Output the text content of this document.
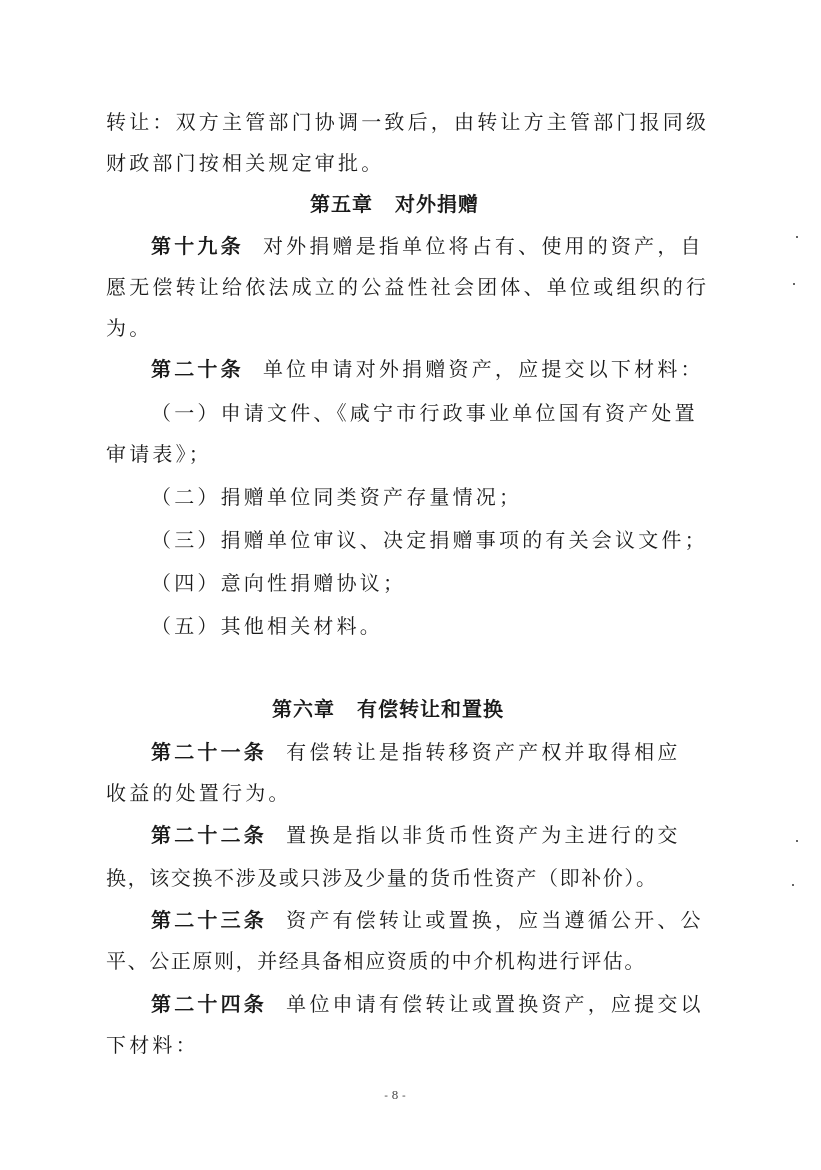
转让：双方主管部门协调一致后，由转让方主管部门报同级
财政部门按相关规定审批。
第五章 对外捐赠
第十九条 对外捐赠是指单位将占有、使用的资产，自
愿无偿转让给依法成立的公益性社会团体、单位或组织的行
为。
第二十条 单位申请对外捐赠资产，应提交以下材料：
（一）申请文件、《咸宁市行政事业单位国有资产处置
审请表》；
（二）捐赠单位同类资产存量情况；
（三）捐赠单位审议、决定捐赠事项的有关会议文件；
（四）意向性捐赠协议；
（五）其他相关材料。
第六章 有偿转让和置换
第二十一条 有偿转让是指转移资产产权并取得相应
收益的处置行为。
第二十二条 置换是指以非货币性资产为主进行的交
换，该交换不涉及或只涉及少量的货币性资产（即补价）。
第二十三条 资产有偿转让或置换，应当遵循公开、公
平、公正原则，并经具备相应资质的中介机构进行评估。
第二十四条 单位申请有偿转让或置换资产，应提交以
下材料：
- 8 -
